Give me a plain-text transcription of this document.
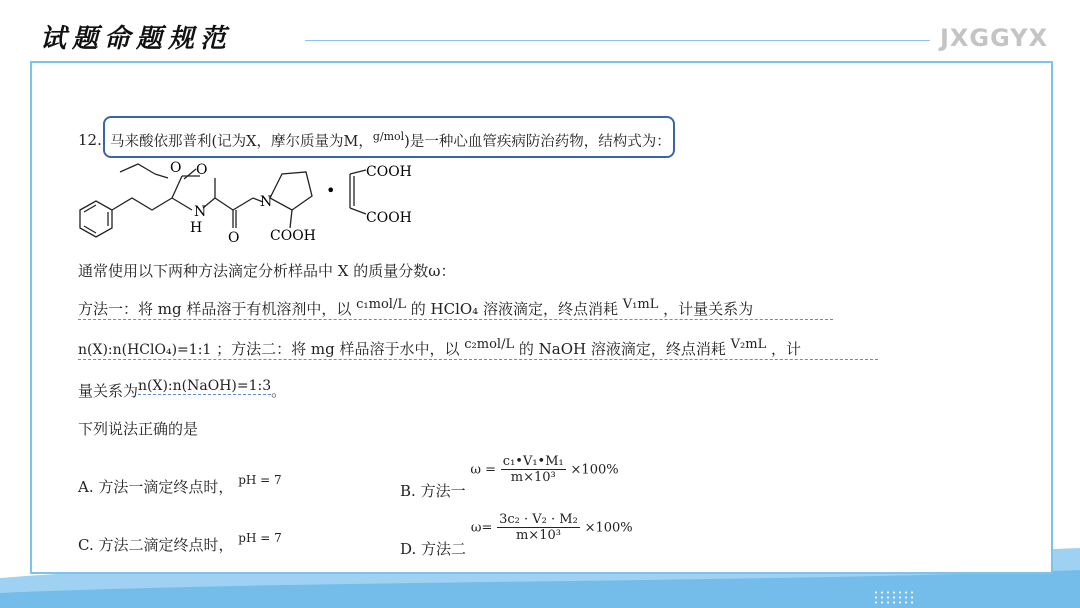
试题命题规范	JXGGYX
12. 马来酸依那普利(记为X，摩尔质量为M，$^{g/mol}$)是一种心血管疾病防治药物，结构式为：
O O
N
H
O
N
COOH
•
COOH
COOH
通常使用以下两种方法滴定分析样品中 X 的质量分数ω：
方法一：将 mg 样品溶于有机溶剂中，以 c₁mol/L 的 HClO₄ 溶液滴定，终点消耗 V₁mL ，计量关系为
n(X):n(HClO₄)=1:1 ；方法二：将 mg 样品溶于水中，以 c₂mol/L 的 NaOH 溶液滴定，终点消耗 V₂mL ，计
量关系为n(X):n(NaOH)=1:3。
下列说法正确的是
A. 方法一滴定终点时， $^{pH = 7}$
B. 方法一 $\omega = \frac{\text{c₁•V₁•M₁}}{\text{m×10³}} \times 100\%$
C. 方法二滴定终点时， $^{pH = 7}$
D. 方法二 $\omega= \frac{\text{3c₂ · V₂ · M₂}}{\text{m×10³}} \times 100\%$
